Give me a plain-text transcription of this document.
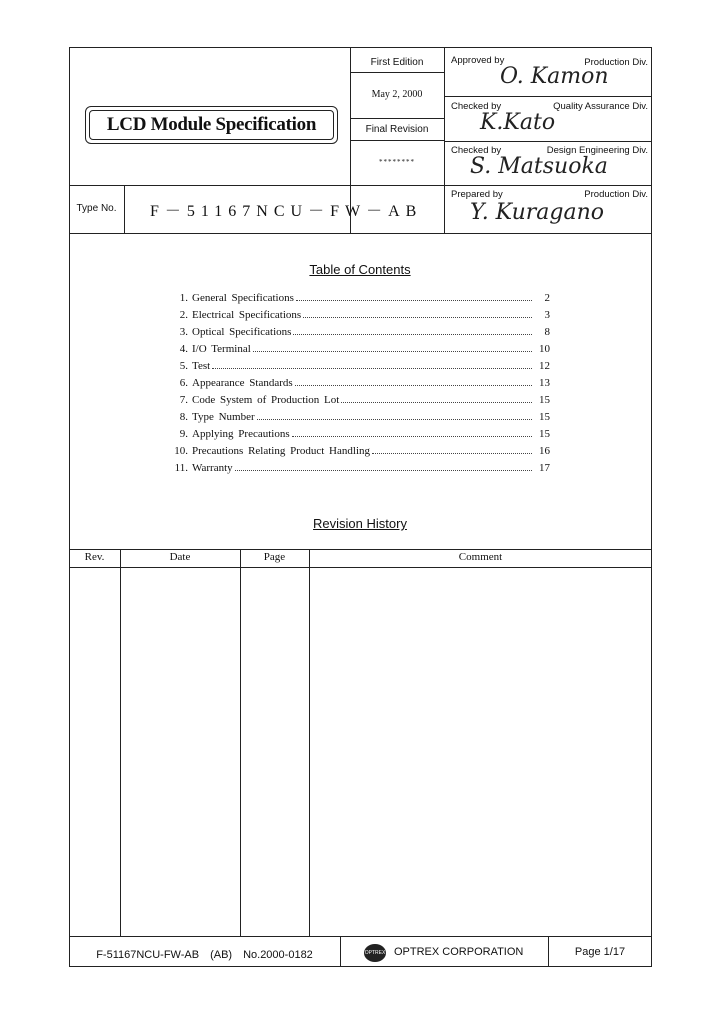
LCD Module Specification
First Edition
May 2, 2000
Final Revision
********
Approved by	Production Div.
O. Kamon
Checked by	Quality Assurance Div.
K.Kato
Checked by	Design Engineering Div.
S. Matsuoka
Prepared by	Production Div.
Y. Kuragano
Type No.	F－51167NCU－FW－AB
Table of Contents
1. General Specifications	2
2. Electrical Specifications	3
3. Optical Specifications	8
4. I/O Terminal	10
5. Test	12
6. Appearance Standards	13
7. Code System of Production Lot	15
8. Type Number	15
9. Applying Precautions	15
10. Precautions Relating Product Handling	16
11. Warranty	17
Revision History
Rev.	Date	Page	Comment
F-51167NCU-FW-AB　(AB)　No.2000-0182	OPTREX OPTREX CORPORATION	Page 1/17
